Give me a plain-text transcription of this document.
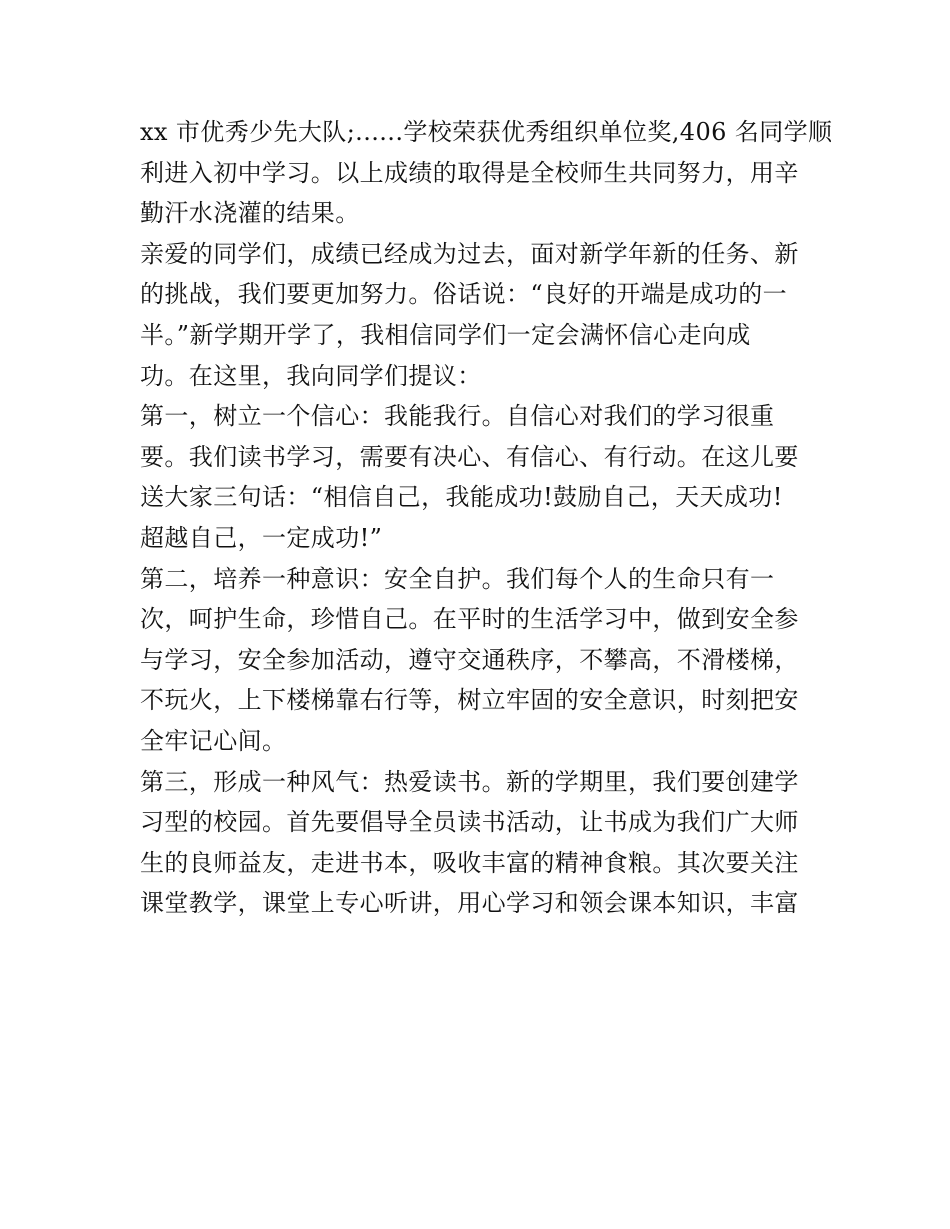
xx 市优秀少先大队;......学校荣获优秀组织单位奖,406 名同学顺
利进入初中学习。以上成绩的取得是全校师生共同努力，用辛
勤汗水浇灌的结果。
亲爱的同学们，成绩已经成为过去，面对新学年新的任务、新
的挑战，我们要更加努力。俗话说：“良好的开端是成功的一
半。”新学期开学了，我相信同学们一定会满怀信心走向成
功。在这里，我向同学们提议：
第一，树立一个信心：我能我行。自信心对我们的学习很重
要。我们读书学习，需要有决心、有信心、有行动。在这儿要
送大家三句话：“相信自己，我能成功!鼓励自己，天天成功!
超越自己，一定成功!”
第二，培养一种意识：安全自护。我们每个人的生命只有一
次，呵护生命，珍惜自己。在平时的生活学习中，做到安全参
与学习，安全参加活动，遵守交通秩序，不攀高，不滑楼梯，
不玩火，上下楼梯靠右行等，树立牢固的安全意识，时刻把安
全牢记心间。
第三，形成一种风气：热爱读书。新的学期里，我们要创建学
习型的校园。首先要倡导全员读书活动，让书成为我们广大师
生的良师益友，走进书本，吸收丰富的精神食粮。其次要关注
课堂教学，课堂上专心听讲，用心学习和领会课本知识，丰富
